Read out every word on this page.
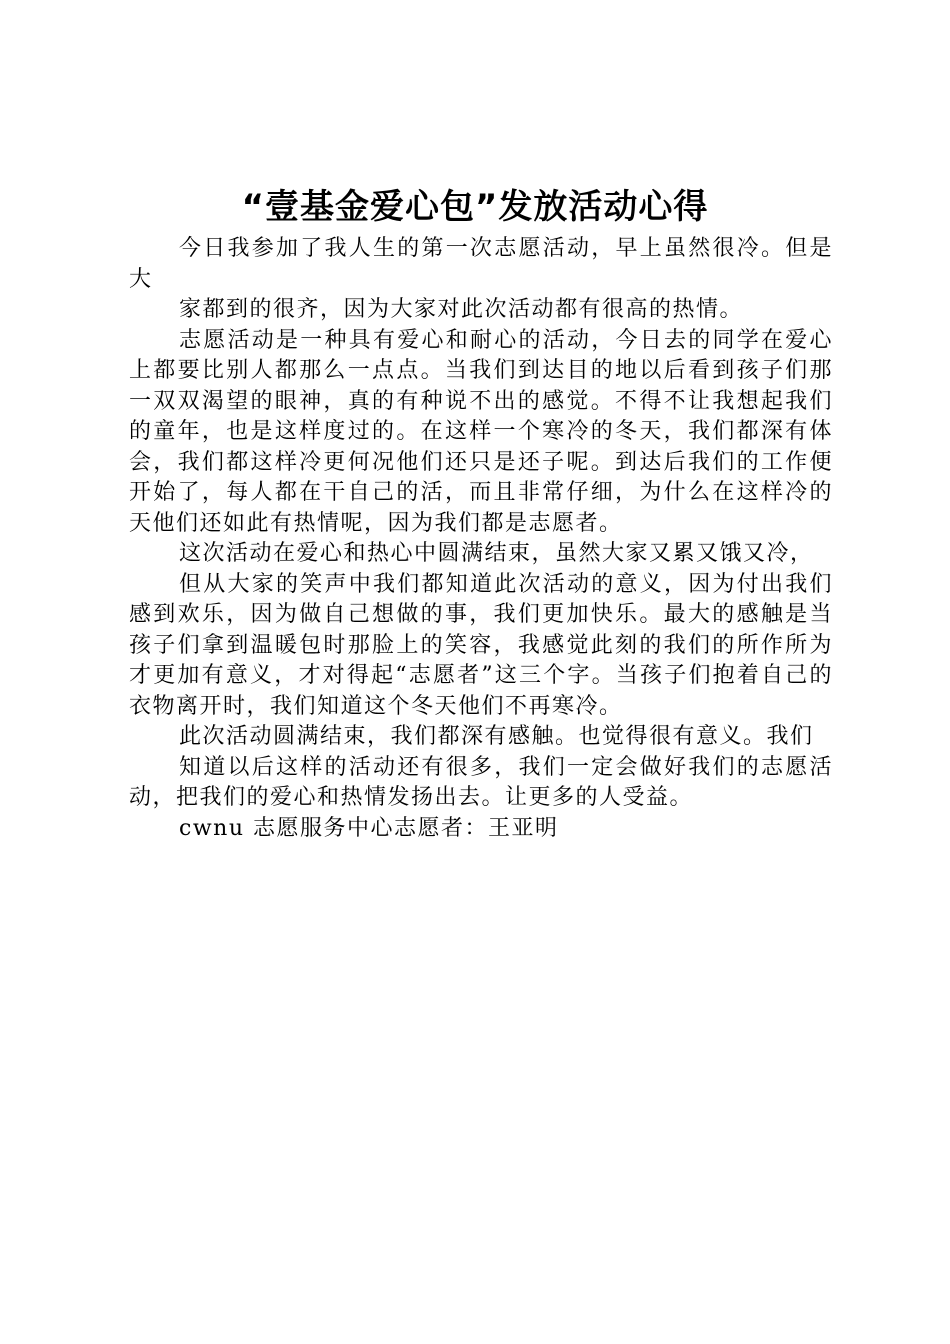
“壹基金爱心包”发放活动心得

今日我参加了我人生的第一次志愿活动，早上虽然很冷。但是大

家都到的很齐，因为大家对此次活动都有很高的热情。

志愿活动是一种具有爱心和耐心的活动，今日去的同学在爱心上都要比别人都那么一点点。当我们到达目的地以后看到孩子们那一双双渴望的眼神，真的有种说不出的感觉。不得不让我想起我们的童年，也是这样度过的。在这样一个寒冷的冬天，我们都深有体会，我们都这样冷更何况他们还只是还子呢。到达后我们的工作便开始了，每人都在干自己的活，而且非常仔细，为什么在这样冷的天他们还如此有热情呢，因为我们都是志愿者。

这次活动在爱心和热心中圆满结束，虽然大家又累又饿又冷，

但从大家的笑声中我们都知道此次活动的意义，因为付出我们感到欢乐，因为做自己想做的事，我们更加快乐。最大的感触是当孩子们拿到温暖包时那脸上的笑容，我感觉此刻的我们的所作所为才更加有意义，才对得起“志愿者”这三个字。当孩子们抱着自己的衣物离开时，我们知道这个冬天他们不再寒冷。

此次活动圆满结束，我们都深有感触。也觉得很有意义。我们

知道以后这样的活动还有很多，我们一定会做好我们的志愿活动，把我们的爱心和热情发扬出去。让更多的人受益。

cwnu 志愿服务中心志愿者：王亚明
